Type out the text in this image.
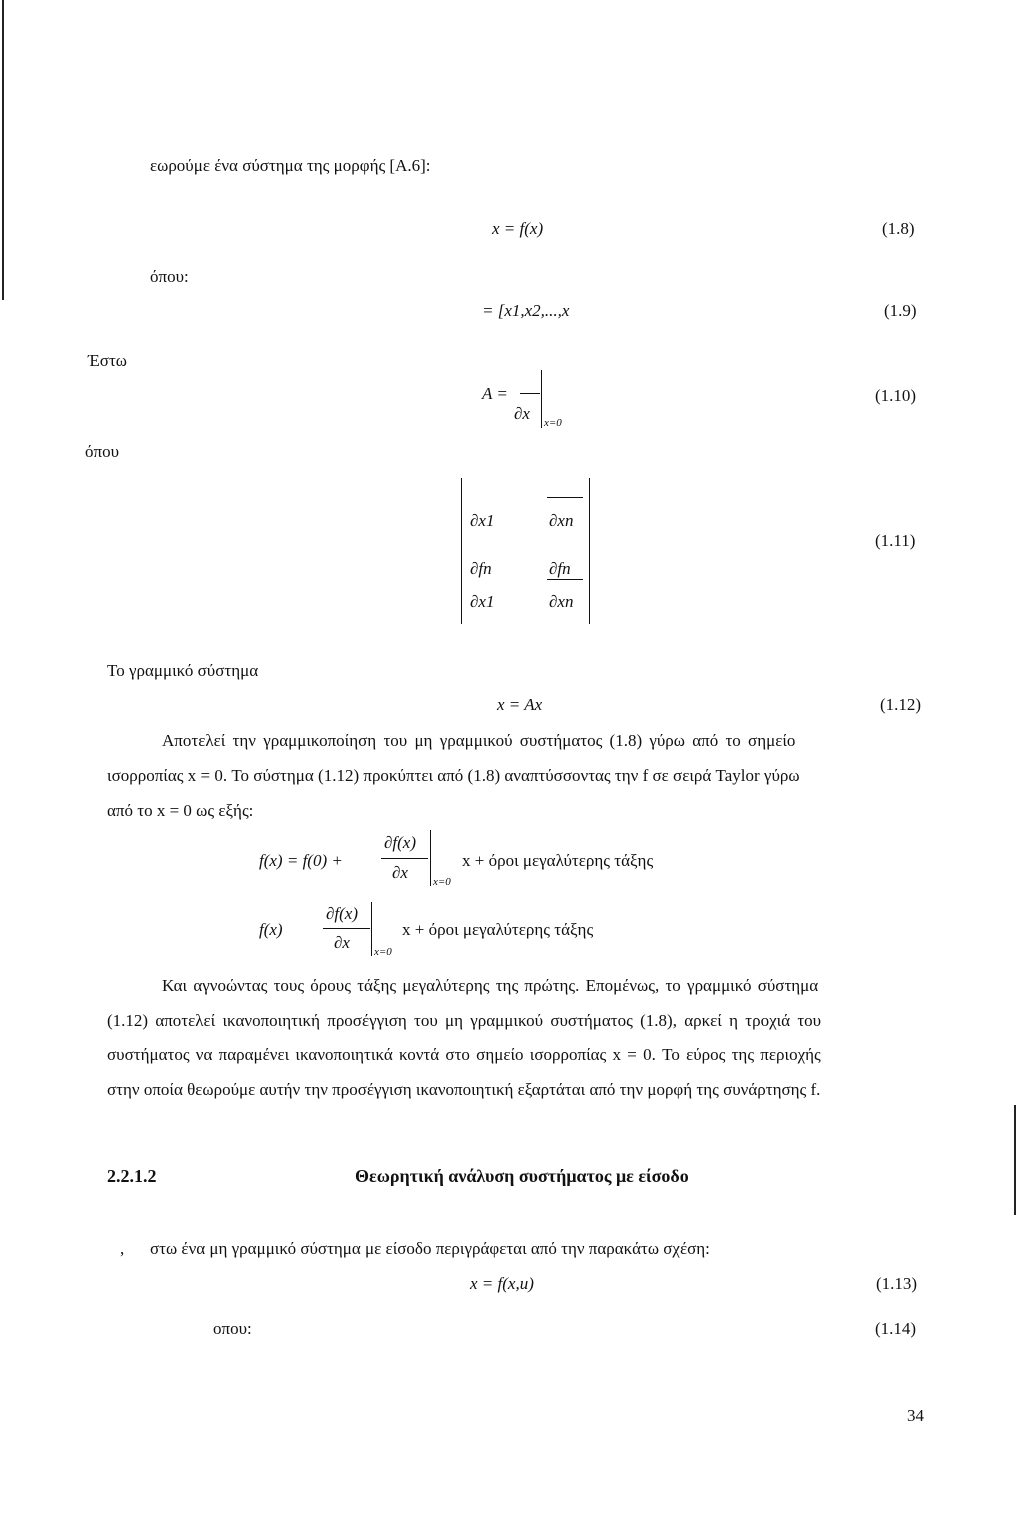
εωρούμε ένα σύστημα της μορφής [Α.6]:
x = f(x)	(1.8)
όπου:
= [x1,x2,...,x	(1.9)
Έστω
A =
∂x x=0
(1.10)
όπου
∂x1	∂xn
∂fn	∂fn
∂x1	∂xn
(1.11)
Το γραμμικό σύστημα
x = Ax	(1.12)
Αποτελεί την γραμμικοποίηση του μη γραμμικού συστήματος (1.8) γύρω από το σημείο
ισορροπίας x = 0. Το σύστημα (1.12) προκύπτει από (1.8) αναπτύσσοντας την f σε σειρά Taylor γύρω
από το x = 0 ως εξής:
f(x) = f(0) +
∂f(x)
∂x x=0
x + όροι μεγαλύτερης τάξης
f(x)
∂f(x)
∂x x=0
x + όροι μεγαλύτερης τάξης
Και αγνοώντας τους όρους τάξης μεγαλύτερης της πρώτης. Επομένως, το γραμμικό σύστημα
(1.12) αποτελεί ικανοποιητική προσέγγιση του μη γραμμικού συστήματος (1.8), αρκεί η τροχιά του
συστήματος να παραμένει ικανοποιητικά κοντά στο σημείο ισορροπίας x = 0. Το εύρος της περιοχής
στην οποία θεωρούμε αυτήν την προσέγγιση ικανοποιητική εξαρτάται από την μορφή της συνάρτησης f.
2.2.1.2	Θεωρητική ανάλυση συστήματος με είσοδο
, στω ένα μη γραμμικό σύστημα με είσοδο περιγράφεται από την παρακάτω σχέση:
x = f(x,u)	(1.13)
οπου:	(1.14)
34
